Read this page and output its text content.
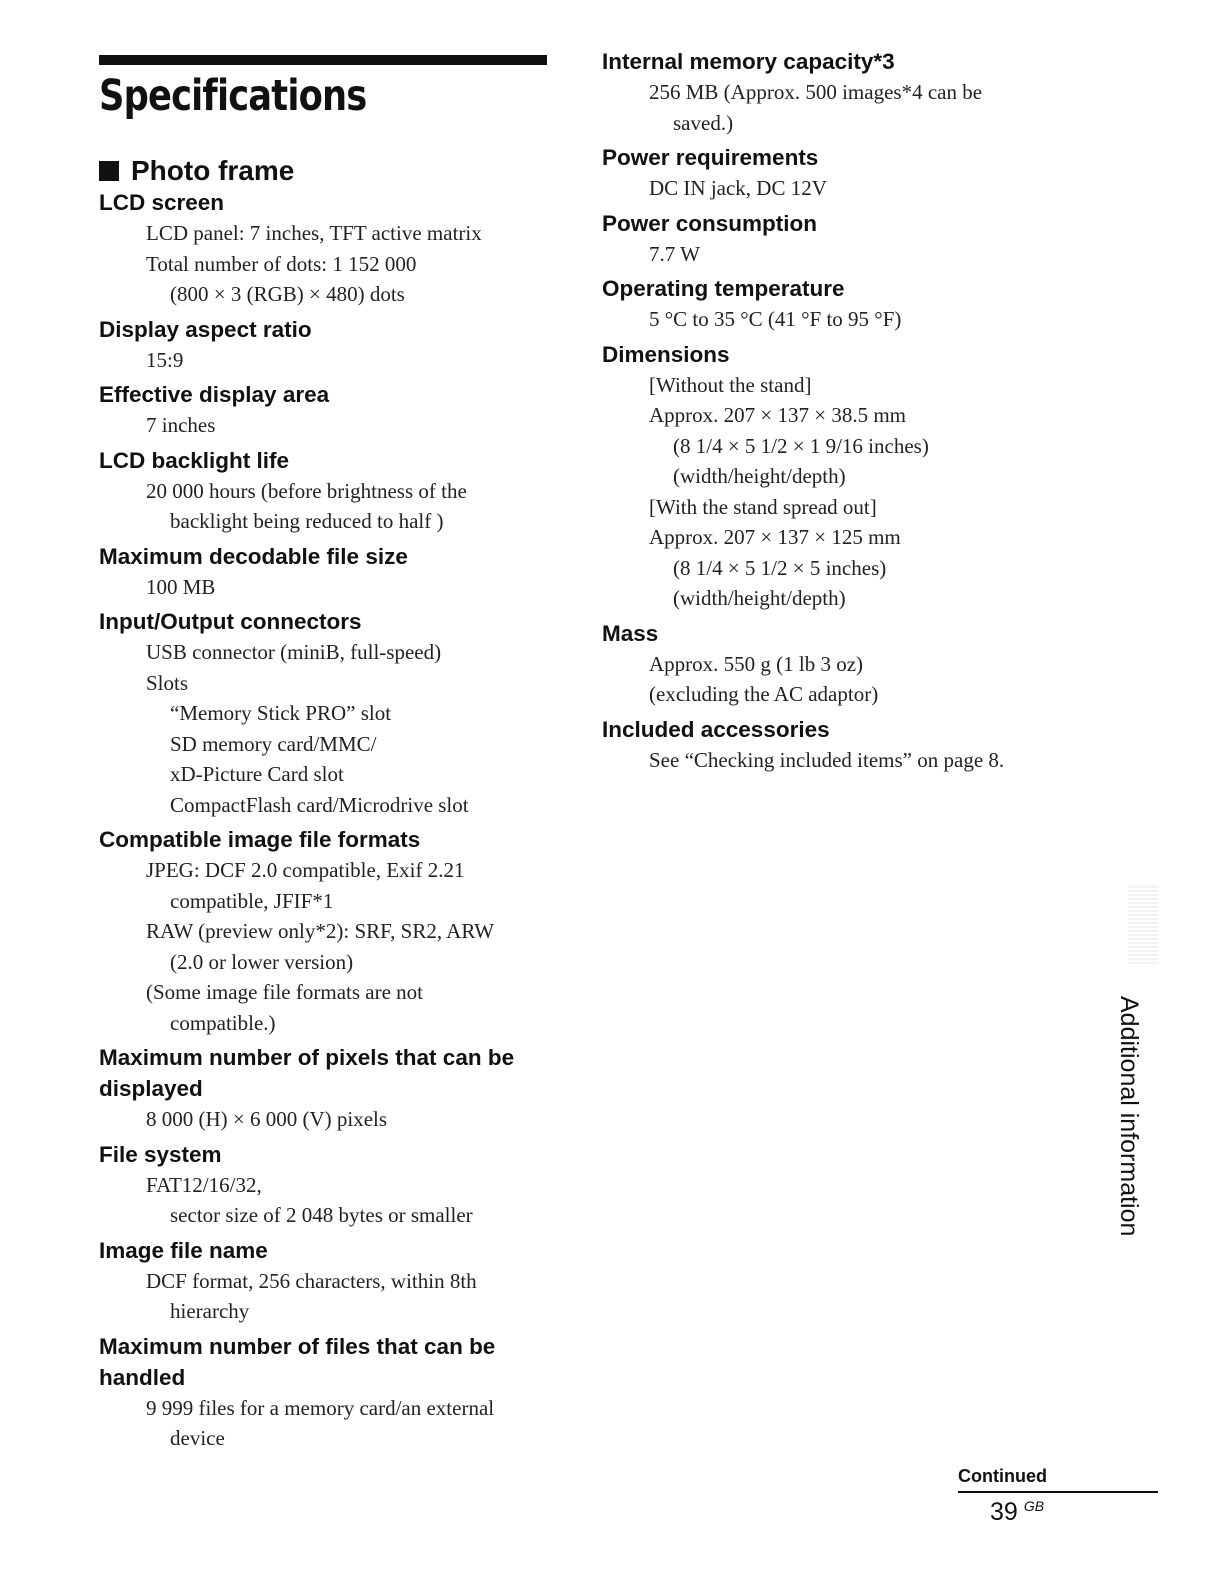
Specifications
Photo frame
LCD screen
LCD panel: 7 inches, TFT active matrix
Total number of dots: 1 152 000
(800 × 3 (RGB) × 480) dots
Display aspect ratio
15:9
Effective display area
7 inches
LCD backlight life
20 000 hours (before brightness of the
backlight being reduced to half )
Maximum decodable file size
100 MB
Input/Output connectors
USB connector (miniB, full-speed)
Slots
“Memory Stick PRO” slot
SD memory card/MMC/
xD-Picture Card slot
CompactFlash card/Microdrive slot
Compatible image file formats
JPEG: DCF 2.0 compatible, Exif 2.21
compatible, JFIF*1
RAW (preview only*2): SRF, SR2, ARW
(2.0 or lower version)
(Some image file formats are not
compatible.)
Maximum number of pixels that can be displayed
8 000 (H) × 6 000 (V) pixels
File system
FAT12/16/32,
sector size of 2 048 bytes or smaller
Image file name
DCF format, 256 characters, within 8th
hierarchy
Maximum number of files that can be handled
9 999 files for a memory card/an external
device
Internal memory capacity*3
256 MB (Approx. 500 images*4 can be
saved.)
Power requirements
DC IN jack, DC 12V
Power consumption
7.7 W
Operating temperature
5 °C to 35 °C (41 °F to 95 °F)
Dimensions
[Without the stand]
Approx. 207 × 137 × 38.5 mm
(8 1/4 × 5 1/2 × 1 9/16 inches)
(width/height/depth)
[With the stand spread out]
Approx. 207 × 137 × 125 mm
(8 1/4 × 5 1/2 × 5 inches)
(width/height/depth)
Mass
Approx. 550 g (1 lb 3 oz)
(excluding the AC adaptor)
Included accessories
See “Checking included items” on page 8.
Additional information
Continued
39 $^{GB}$
